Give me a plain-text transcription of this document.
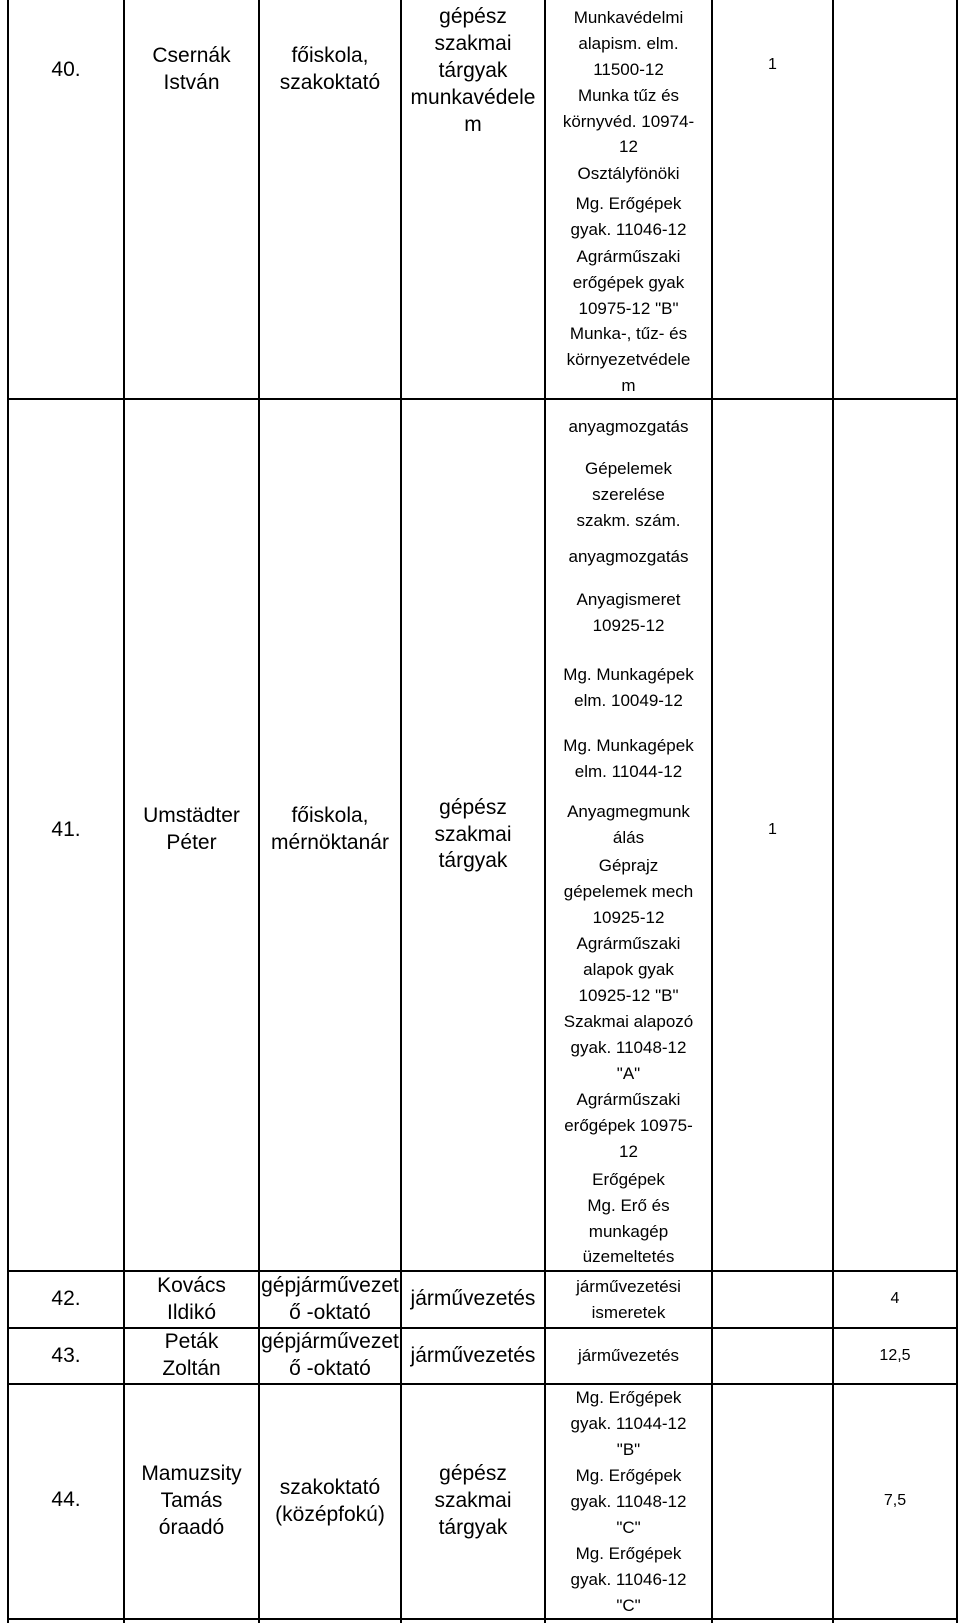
40.
Csernák
István
főiskola,
szakoktató
gépész
szakmai
tárgyak
munkavédele
m
Munkavédelmi
alapism. elm.
11500-12
Munka tűz és
környvéd. 10974-
12
Osztályfönöki
Mg. Erőgépek
gyak. 11046-12
Agrárműszaki
erőgépek gyak
10975-12 "B"
Munka-, tűz- és
környezetvédele
m
1
41.
Umstädter
Péter
főiskola,
mérnöktanár
gépész
szakmai
tárgyak
anyagmozgatás
Gépelemek
szerelése
szakm. szám.
anyagmozgatás
Anyagismeret
10925-12
Mg. Munkagépek
elm. 10049-12
Mg. Munkagépek
elm. 11044-12
Anyagmegmunk
álás
Géprajz
gépelemek mech
10925-12
Agrárműszaki
alapok gyak
10925-12 "B"
Szakmai alapozó
gyak. 11048-12
"A"
Agrárműszaki
erőgépek 10975-
12
Erőgépek
Mg. Erő és
munkagép
üzemeltetés
1
42.
Kovács
Ildikó
gépjárművezet
ő -oktató
járművezetés
járművezetési
ismeretek
4
43.
Peták
Zoltán
gépjárművezet
ő -oktató
járművezetés	járművezetés	12,5
44.
Mamuzsity
Tamás
óraadó
szakoktató
(középfokú)
gépész
szakmai
tárgyak
Mg. Erőgépek
gyak. 11044-12
"B"
Mg. Erőgépek
gyak. 11048-12
"C"
Mg. Erőgépek
gyak. 11046-12
"C"
7,5
